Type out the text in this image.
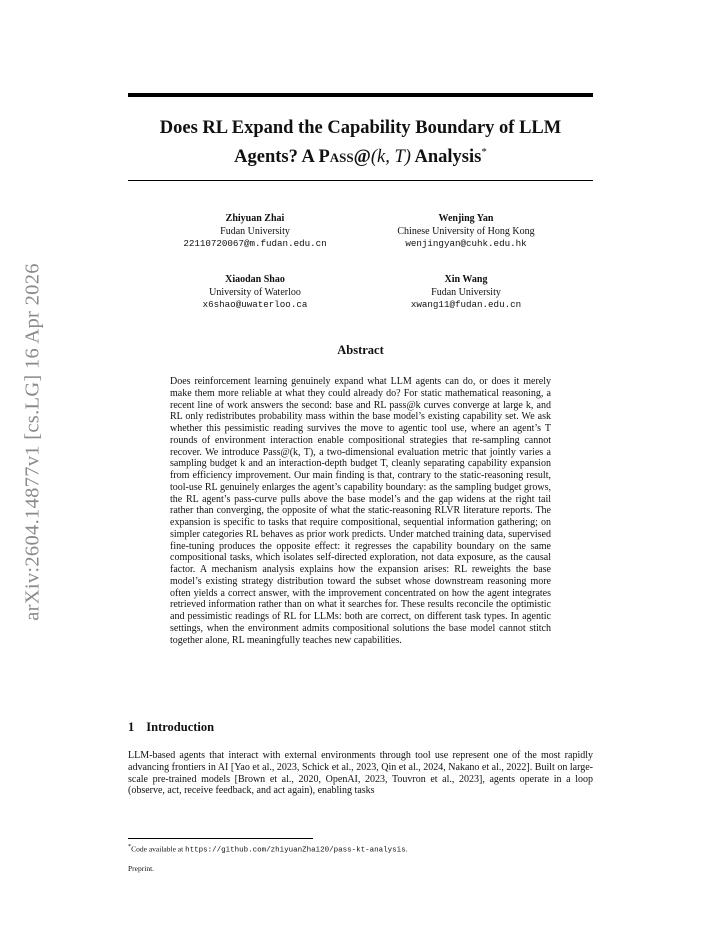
arXiv:2604.14877v1 [cs.LG] 16 Apr 2026
Does RL Expand the Capability Boundary of LLM
Agents? A Pass@(k, T) Analysis*
Zhiyuan Zhai
Fudan University
22110720067@m.fudan.edu.cn
Wenjing Yan
Chinese University of Hong Kong
wenjingyan@cuhk.edu.hk
Xiaodan Shao
University of Waterloo
x6shao@uwaterloo.ca
Xin Wang
Fudan University
xwang11@fudan.edu.cn
Abstract

Does reinforcement learning genuinely expand what LLM agents can do, or does it merely make them more reliable at what they could already do? For static mathematical reasoning, a recent line of work answers the second: base and RL pass@k curves converge at large k, and RL only redistributes probability mass within the base model’s existing capability set. We ask whether this pessimistic reading survives the move to agentic tool use, where an agent’s T rounds of environment interaction enable compositional strategies that re-sampling cannot recover. We introduce Pass@(k, T), a two-dimensional evaluation metric that jointly varies a sampling budget k and an interaction-depth budget T, cleanly separating capability expansion from efficiency improvement. Our main finding is that, contrary to the static-reasoning result, tool-use RL genuinely enlarges the agent’s capability boundary: as the sampling budget grows, the RL agent’s pass-curve pulls above the base model’s and the gap widens at the right tail rather than converging, the opposite of what the static-reasoning RLVR literature reports. The expansion is specific to tasks that require compositional, sequential information gathering; on simpler categories RL behaves as prior work predicts. Under matched training data, supervised fine-tuning produces the opposite effect: it regresses the capability boundary on the same compositional tasks, which isolates self-directed exploration, not data exposure, as the causal factor. A mechanism analysis explains how the expansion arises: RL reweights the base model’s existing strategy distribution toward the subset whose downstream reasoning more often yields a correct answer, with the improvement concentrated on how the agent integrates retrieved information rather than on what it searches for. These results reconcile the optimistic and pessimistic readings of RL for LLMs: both are correct, on different task types. In agentic settings, when the environment admits compositional solutions the base model cannot stitch together alone, RL meaningfully teaches new capabilities.

1 Introduction
LLM-based agents that interact with external environments through tool use represent one of the most rapidly advancing frontiers in AI [Yao et al., 2023, Schick et al., 2023, Qin et al., 2024, Nakano et al., 2022]. Built on large-scale pre-trained models [Brown et al., 2020, OpenAI, 2023, Touvron et al., 2023], agents operate in a loop (observe, act, receive feedback, and act again), enabling tasks
*Code available at https://github.com/zhiyuanZhai20/pass-kt-analysis.
Preprint.
